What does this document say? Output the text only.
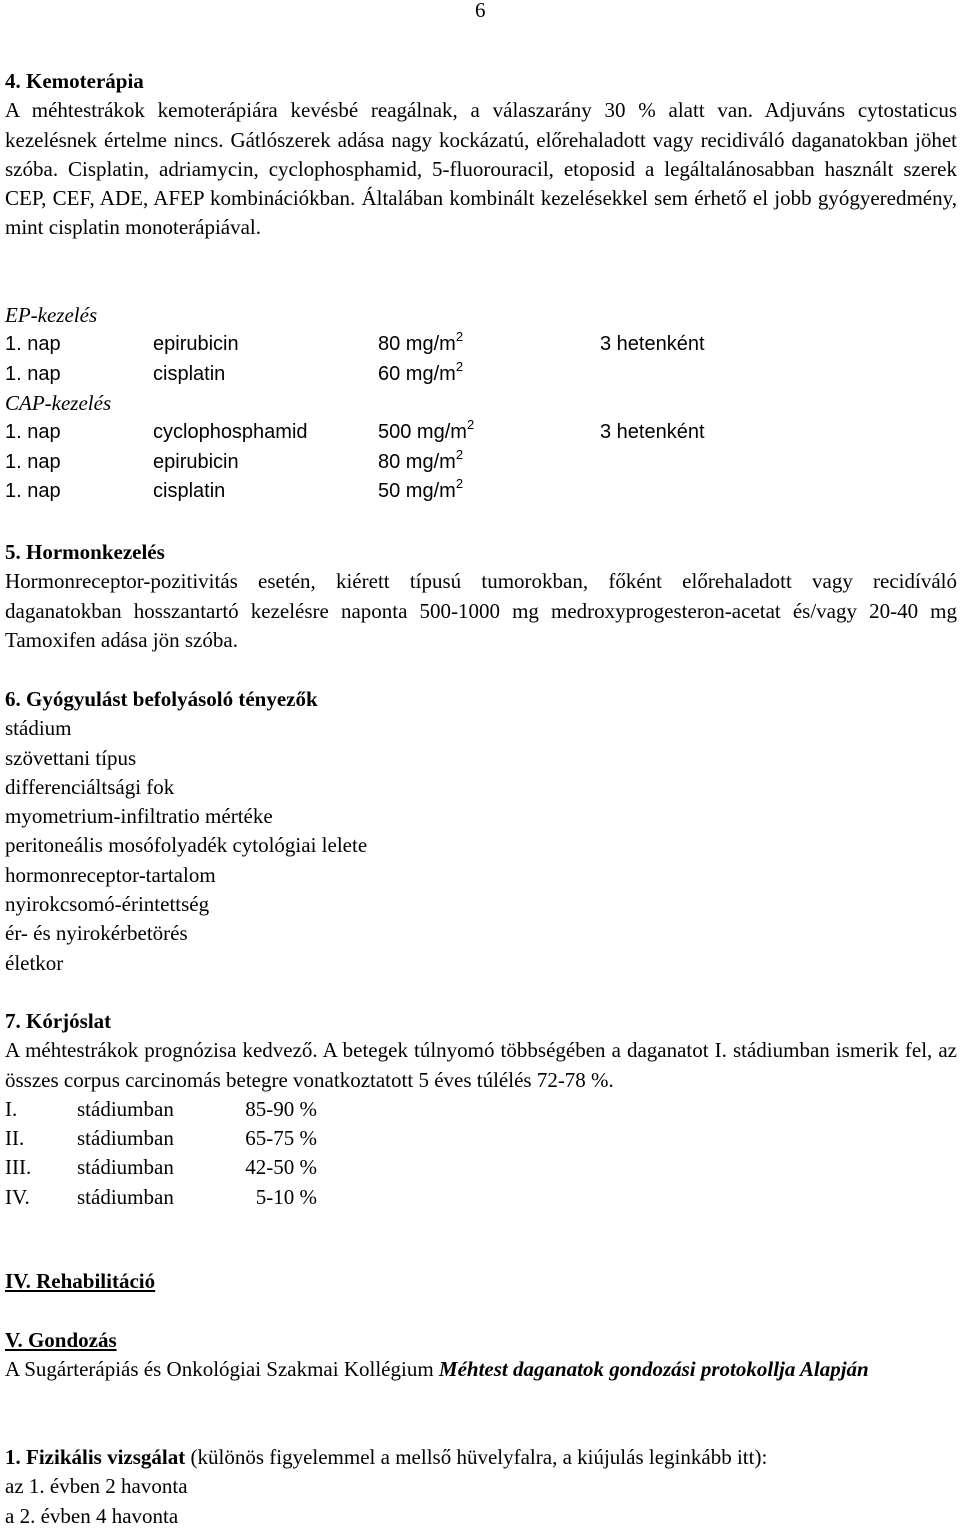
6

4. Kemoterápia

A méhtestrákok kemoterápiára kevésbé reagálnak, a válaszarány 30 % alatt van. Adjuváns cytostaticus kezelésnek értelme nincs. Gátlószerek adása nagy kockázatú, előrehaladott vagy recidiváló daganatokban jöhet szóba. Cisplatin, adriamycin, cyclophosphamid, 5-fluorouracil, etoposid a legáltalánosabban használt szerek CEP, CEF, ADE, AFEP kombinációkban. Általában kombinált kezelésekkel sem érhető el jobb gyógyeredmény, mint cisplatin monoterápiával.

EP-kezelés

1. nap	epirubicin	80 $mg/m^2$	3 hetenként
1. nap	cisplatin	60 $mg/m^2$

CAP-kezelés

1. nap	cyclophosphamid	500 $mg/m^2$	3 hetenként
1. nap	epirubicin	80 $mg/m^2$
1. nap	cisplatin	50 $mg/m^2$

5. Hormonkezelés

Hormonreceptor-pozitivitás esetén, kiérett típusú tumorokban, főként előrehaladott vagy recidíváló daganatokban hosszantartó kezelésre naponta 500-1000 mg medroxyprogesteron-acetat és/vagy 20-40 mg Tamoxifen adása jön szóba.

6. Gyógyulást befolyásoló tényezők

stádium

szövettani típus

differenciáltsági fok

myometrium-infiltratio mértéke

peritoneális mosófolyadék cytológiai lelete

hormonreceptor-tartalom

nyirokcsomó-érintettség

ér- és nyirokérbetörés

életkor

7. Kórjóslat

A méhtestrákok prognózisa kedvező. A betegek túlnyomó többségében a daganatot I. stádiumban ismerik fel, az összes corpus carcinomás betegre vonatkoztatott 5 éves túlélés 72-78 %.

I.	stádiumban	85-90 %
II.	stádiumban	65-75 %
III.	stádiumban	42-50 %
IV.	stádiumban	5-10 %

IV. Rehabilitáció

V. Gondozás

A Sugárterápiás és Onkológiai Szakmai Kollégium Méhtest daganatok gondozási protokollja Alapján

1. Fizikális vizsgálat (különös figyelemmel a mellső hüvelyfalra, a kiújulás leginkább itt):

az 1. évben 2 havonta

a 2. évben 4 havonta
